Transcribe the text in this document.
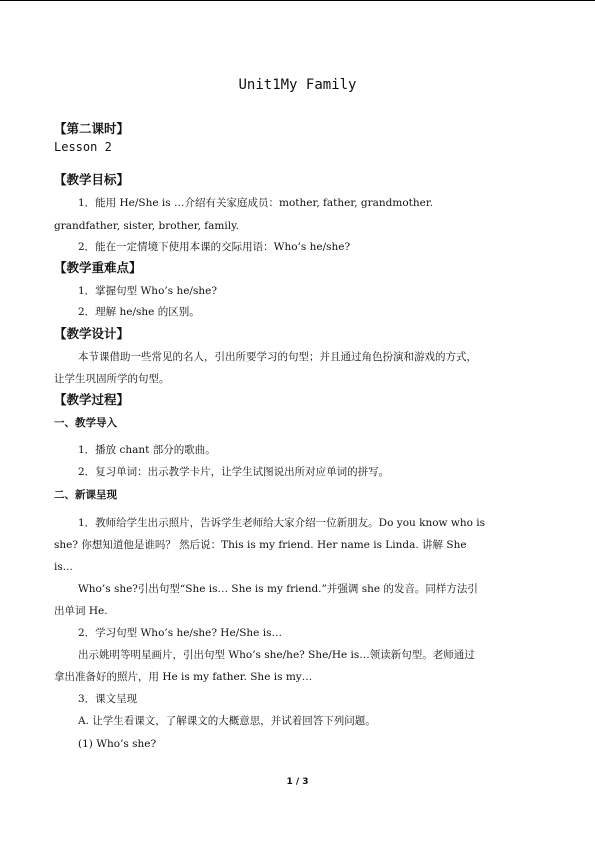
Unit1My Family
【第二课时】
Lesson 2
【教学目标】
1．能用 He/She is …介绍有关家庭成员：mother, father, grandmother.
grandfather, sister, brother, family.
2．能在一定情境下使用本课的交际用语：Who’s he/she?
【教学重难点】
1．掌握句型 Who’s he/she?
2．理解 he/she 的区别。
【教学设计】
本节课借助一些常见的名人，引出所要学习的句型；并且通过角色扮演和游戏的方式，
让学生巩固所学的句型。
【教学过程】
一、教学导入
1．播放 chant 部分的歌曲。
2．复习单词：出示教学卡片，让学生试图说出所对应单词的拼写。
二、新课呈现
1．教师给学生出示照片，告诉学生老师给大家介绍一位新朋友。Do you know who is
she? 你想知道他是谁吗？ 然后说：This is my friend. Her name is Linda. 讲解 She
is...
Who’s she?引出句型“She is… She is my friend.”并强调 she 的发音。同样方法引
出单词 He.
2．学习句型 Who’s he/she? He/She is…
出示姚明等明星画片，引出句型 Who’s she/he? She/He is…领读新句型。老师通过
拿出准备好的照片，用 He is my father. She is my…
3．课文呈现
A. 让学生看课文，了解课文的大概意思，并试着回答下列问题。
(1) Who’s she?
1 / 3
